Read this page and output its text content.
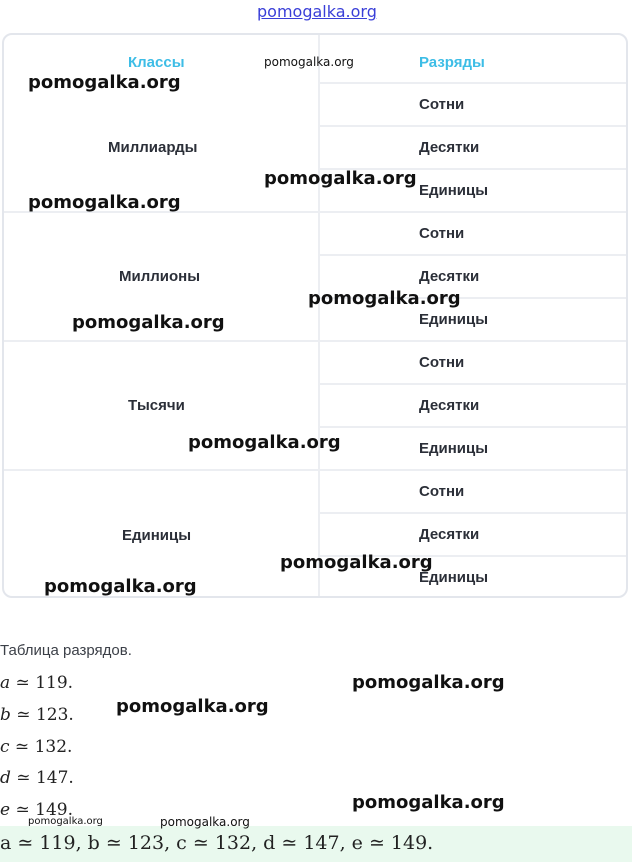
Классы	Разряды
Миллиарды
Сотни
Десятки
Единицы
Миллионы
Сотни
Десятки
Единицы
Тысячи
Сотни
Десятки
Единицы
Единицы
Сотни
Десятки
Единицы
Таблица разрядов.
a ≃ 119.
b ≃ 123.
c ≃ 132.
d ≃ 147.
e ≃ 149.
a ≃ 119, b ≃ 123, c ≃ 132, d ≃ 147, e ≃ 149.
pomogalka.org
pomogalka.org
pomogalka.org
pomogalka.org
pomogalka.org
pomogalka.org
pomogalka.org
pomogalka.org
pomogalka.org
pomogalka.org
pomogalka.org
pomogalka.org
pomogalka.org
pomogalka.org	pomogalka.org
